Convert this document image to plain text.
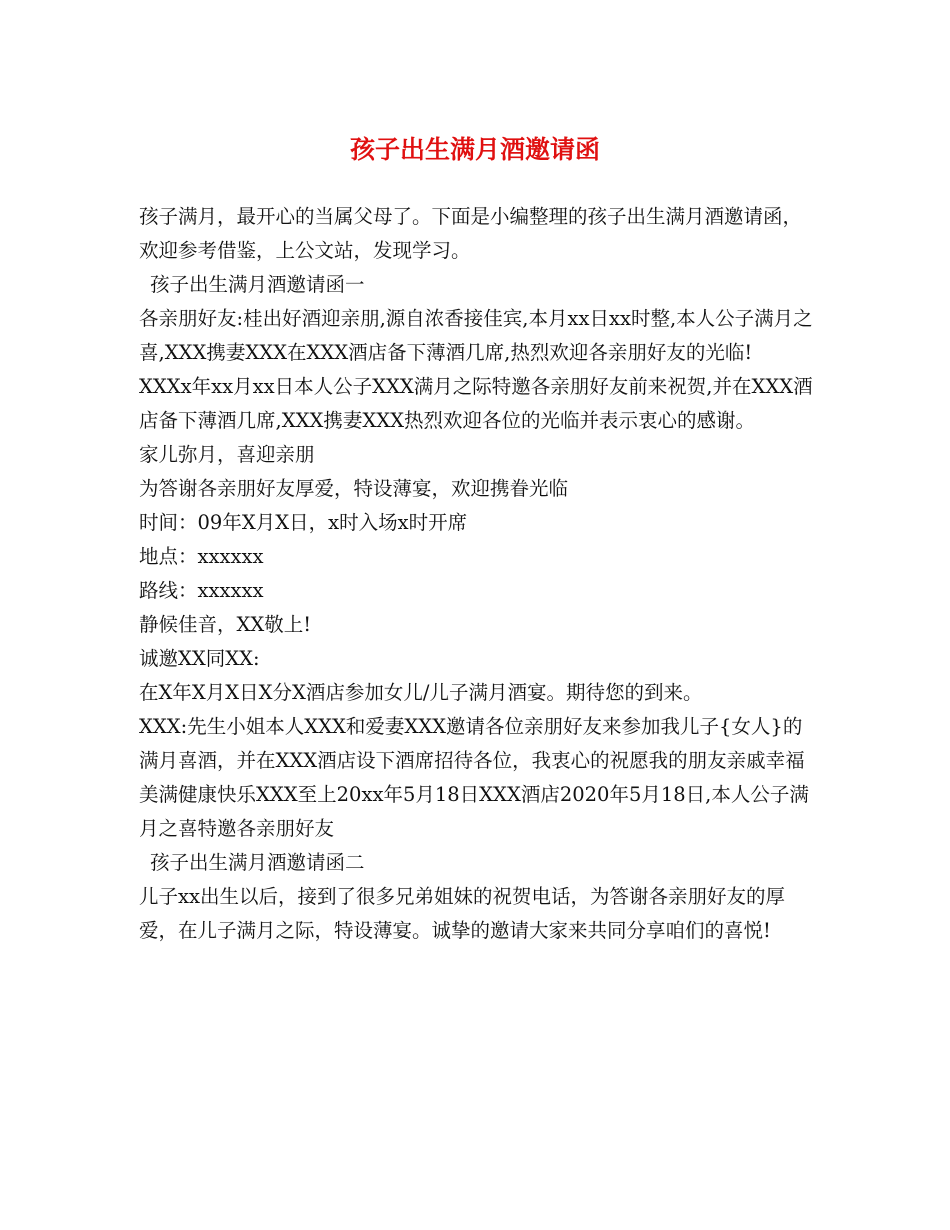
孩子出生满月酒邀请函

孩子满月，最开心的当属父母了。下面是小编整理的孩子出生满月酒邀请函，欢迎参考借鉴，上公文站，发现学习。

孩子出生满月酒邀请函一

各亲朋好友:桂出好酒迎亲朋,源自浓香接佳宾,本月xx日xx时整,本人公子满月之喜,XXX携妻XXX在XXX酒店备下薄酒几席,热烈欢迎各亲朋好友的光临!

XXXx年xx月xx日本人公子XXX满月之际特邀各亲朋好友前来祝贺,并在XXX酒店备下薄酒几席,XXX携妻XXX热烈欢迎各位的光临并表示衷心的感谢。

家儿弥月，喜迎亲朋

为答谢各亲朋好友厚爱，特设薄宴，欢迎携眷光临

时间：09年X月X日，x时入场x时开席

地点：xxxxxx

路线：xxxxxx

静候佳音，XX敬上!

诚邀XX同XX:

在X年X月X日X分X酒店参加女儿/儿子满月酒宴。期待您的到来。

XXX:先生小姐本人XXX和爱妻XXX邀请各位亲朋好友来参加我儿子{女人}的满月喜酒，并在XXX酒店设下酒席招待各位，我衷心的祝愿我的朋友亲戚幸福美满健康快乐XXX至上20xx年5月18日XXX酒店2020年5月18日,本人公子满月之喜特邀各亲朋好友

孩子出生满月酒邀请函二

儿子xx出生以后，接到了很多兄弟姐妹的祝贺电话，为答谢各亲朋好友的厚爱，在儿子满月之际，特设薄宴。诚挚的邀请大家来共同分享咱们的喜悦!
